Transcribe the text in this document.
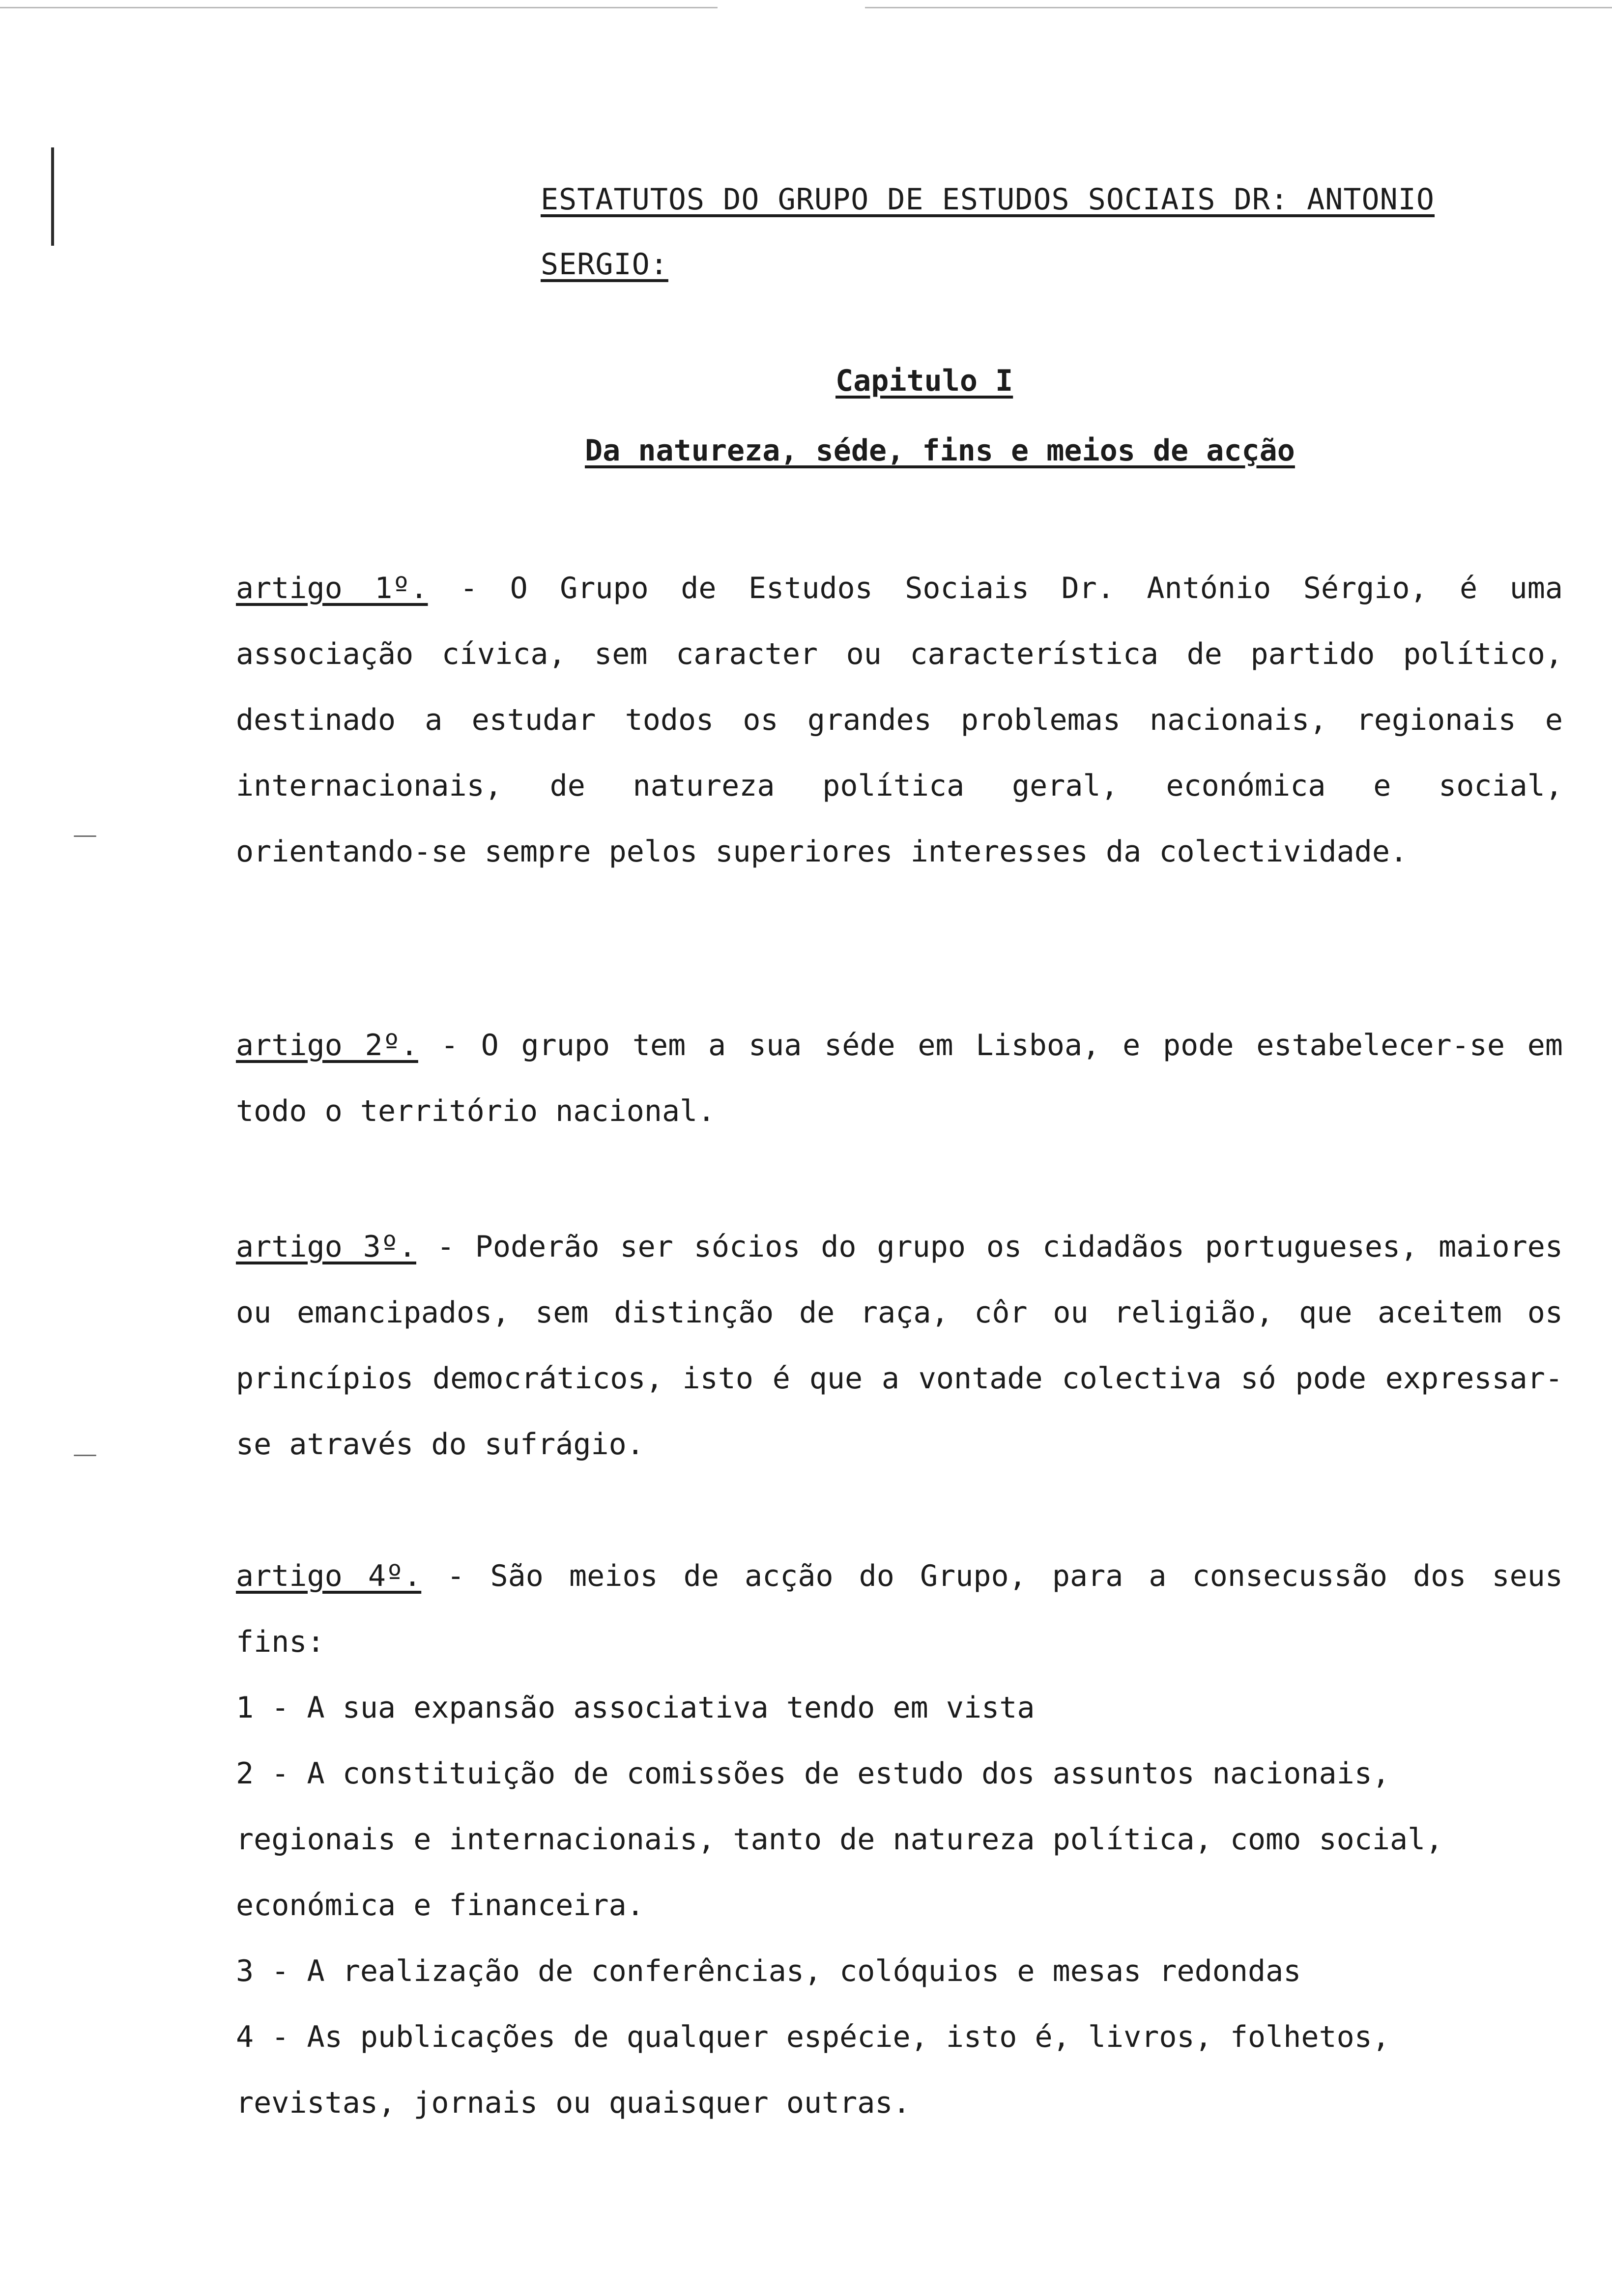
ESTATUTOS DO GRUPO DE ESTUDOS SOCIAIS DR: ANTONIO SERGIO:
Capitulo I
Da natureza, séde, fins e meios de acção

artigo 1º. - O Grupo de Estudos Sociais Dr. António Sérgio, é uma associação cívica, sem caracter ou característica de partido político, destinado a estudar todos os grandes problemas nacionais, regionais e internacionais, de natureza política geral, económica e social, orientando-se sempre pelos superiores interesses da colectividade.

artigo 2º. - O grupo tem a sua séde em Lisboa, e pode estabelecer-se em todo o território nacional.

artigo 3º. - Poderão ser sócios do grupo os cidadãos portugueses, maiores ou emancipados, sem distinção de raça, côr ou religião, que aceitem os princípios democráticos, isto é que a vontade colectiva só pode expressar-se através do sufrágio.

artigo 4º. - São meios de acção do Grupo, para a consecussão dos seus fins:

1 - A sua expansão associativa tendo em vista

2 - A constituição de comissões de estudo dos assuntos nacionais, regionais e internacionais, tanto de natureza política, como social, económica e financeira.

3 - A realização de conferências, colóquios e mesas redondas

4 - As publicações de qualquer espécie, isto é, livros, folhetos, revistas, jornais ou quaisquer outras.
